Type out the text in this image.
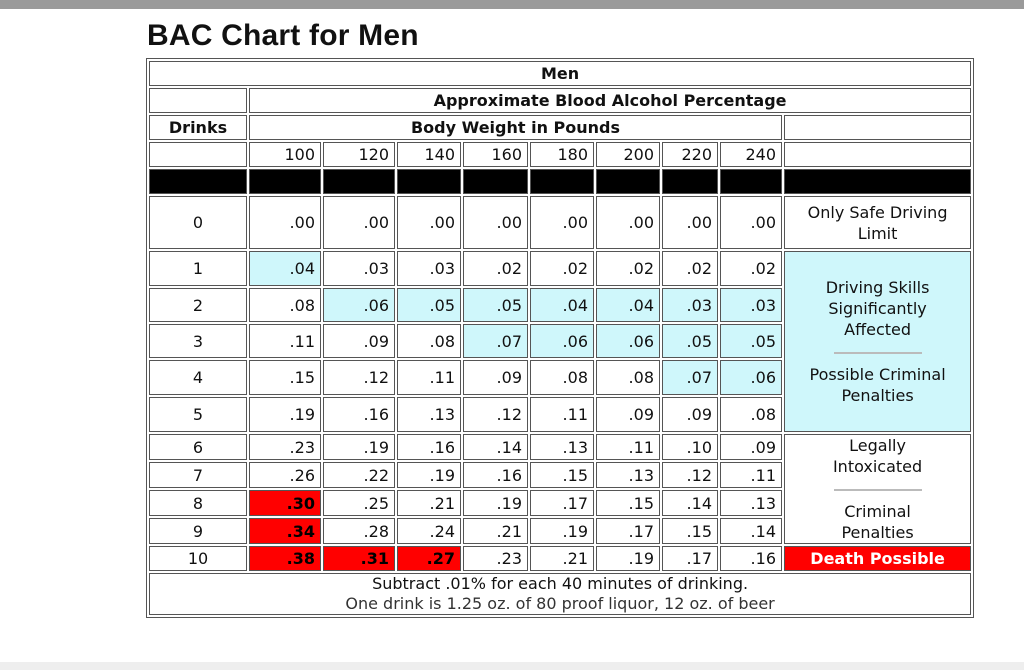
BAC Chart for Men
Men									
	Approximate Blood Alcohol Percentage								
Drinks	Body Weight in Pounds								
	100	120	140	160	180	200	220	240	

0	.00	.00	.00	.00	.00	.00	.00	.00	Only Safe Driving Limit
1	.04	.03	.03	.02	.02	.02	.02	.02	Driving Skills Significantly Affected
Possible Criminal Penalties

2	.08	.06	.05	.05	.04	.04	.03	.03	
3	.11	.09	.08	.07	.06	.06	.05	.05	
4	.15	.12	.11	.09	.08	.08	.07	.06	
5	.19	.16	.13	.12	.11	.09	.09	.08	
6	.23	.19	.16	.14	.13	.11	.10	.09	Legally Intoxicated
Criminal Penalties

7	.26	.22	.19	.16	.15	.13	.12	.11	
8	.30	.25	.21	.19	.17	.15	.14	.13	
9	.34	.28	.24	.21	.19	.17	.15	.14	
10	.38	.31	.27	.23	.21	.19	.17	.16	Death Possible

Subtract .01% for each 40 minutes of drinking.
One drink is 1.25 oz. of 80 proof liquor, 12 oz. of beer									
